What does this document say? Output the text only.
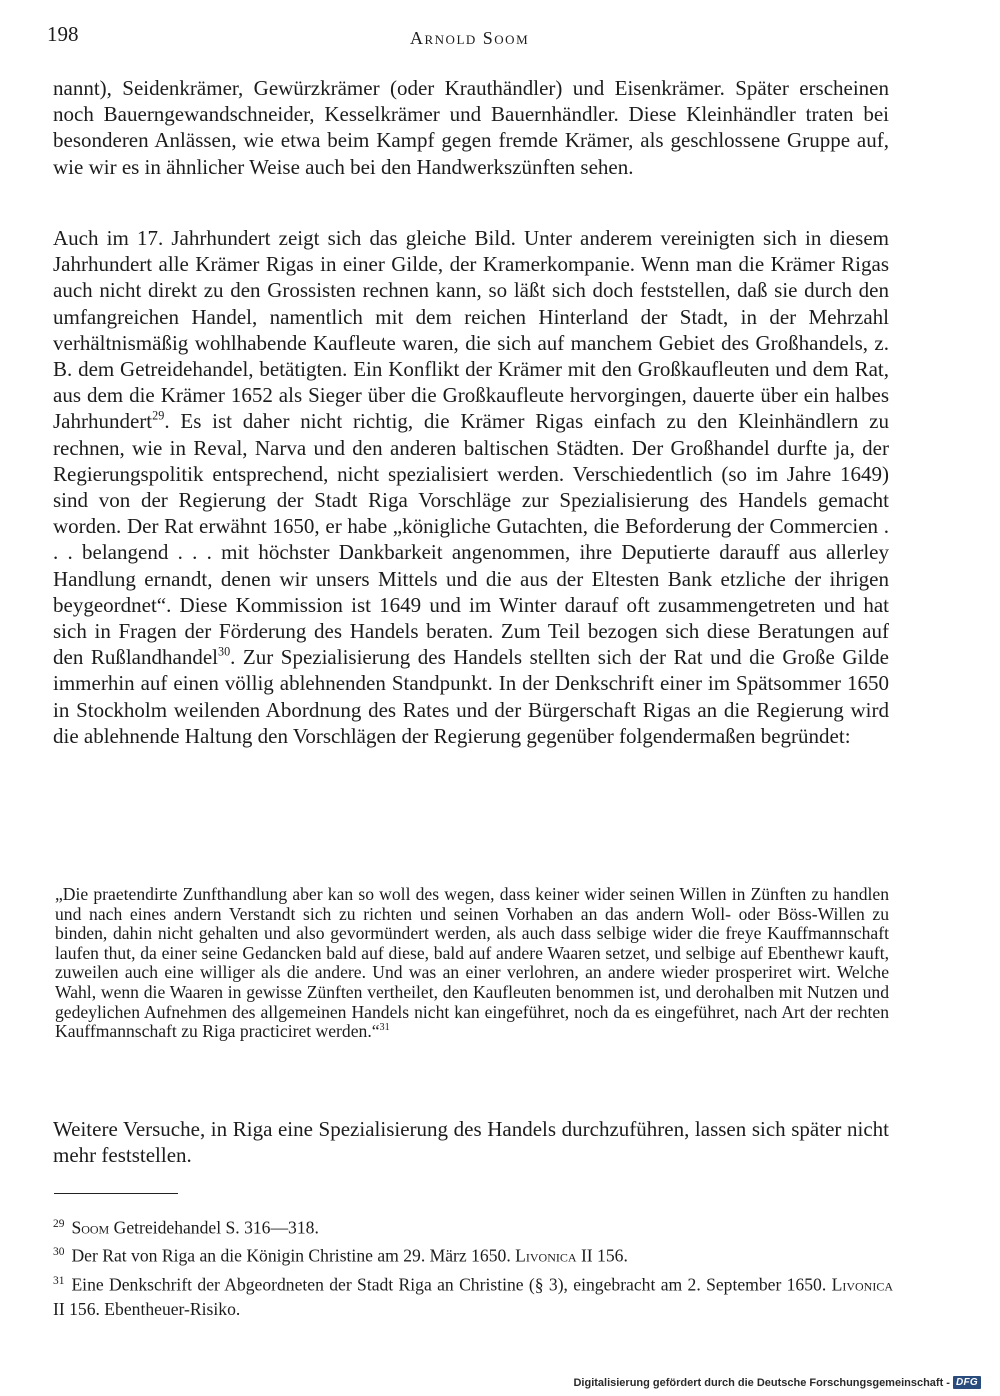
198	Arnold Soom

nannt), Seidenkrämer, Gewürzkrämer (oder Krauthändler) und Eisenkrämer. Später erscheinen noch Bauerngewandschneider, Kesselkrämer und Bauernhändler. Diese Kleinhändler traten bei besonderen Anlässen, wie etwa beim Kampf gegen fremde Krämer, als geschlossene Gruppe auf, wie wir es in ähnlicher Weise auch bei den Handwerkszünften sehen.

Auch im 17. Jahrhundert zeigt sich das gleiche Bild. Unter anderem vereinigten sich in diesem Jahrhundert alle Krämer Rigas in einer Gilde, der Kramerkompanie. Wenn man die Krämer Rigas auch nicht direkt zu den Grossisten rechnen kann, so läßt sich doch feststellen, daß sie durch den umfangreichen Handel, namentlich mit dem reichen Hinterland der Stadt, in der Mehrzahl verhältnismäßig wohlhabende Kaufleute waren, die sich auf manchem Gebiet des Großhandels, z. B. dem Getreidehandel, betätigten. Ein Konflikt der Krämer mit den Großkaufleuten und dem Rat, aus dem die Krämer 1652 als Sieger über die Großkaufleute hervorgingen, dauerte über ein halbes Jahrhundert$^{29}$. Es ist daher nicht richtig, die Krämer Rigas einfach zu den Kleinhändlern zu rechnen, wie in Reval, Narva und den anderen baltischen Städten. Der Großhandel durfte ja, der Regierungspolitik entsprechend, nicht spezialisiert werden. Verschiedentlich (so im Jahre 1649) sind von der Regierung der Stadt Riga Vorschläge zur Spezialisierung des Handels gemacht worden. Der Rat erwähnt 1650, er habe „königliche Gutachten, die Beforderung der Commercien . . . belangend . . . mit höchster Dankbarkeit angenommen, ihre Deputierte darauff aus allerley Handlung ernandt, denen wir unsers Mittels und die aus der Eltesten Bank etzliche der ihrigen beygeordnet“. Diese Kommission ist 1649 und im Winter darauf oft zusammengetreten und hat sich in Fragen der Förderung des Handels beraten. Zum Teil bezogen sich diese Beratungen auf den Rußlandhandel$^{30}$. Zur Spezialisierung des Handels stellten sich der Rat und die Große Gilde immerhin auf einen völlig ablehnenden Standpunkt. In der Denkschrift einer im Spätsommer 1650 in Stockholm weilenden Abordnung des Rates und der Bürgerschaft Rigas an die Regierung wird die ablehnende Haltung den Vorschlägen der Regierung gegenüber folgendermaßen begründet:

„Die praetendirte Zunfthandlung aber kan so woll des wegen, dass keiner wider seinen Willen in Zünften zu handlen und nach eines andern Verstandt sich zu richten und seinen Vorhaben an das andern Woll- oder Böss-Willen zu binden, dahin nicht gehalten und also gevormündert werden, als auch dass selbige wider die freye Kauffmannschaft laufen thut, da einer seine Gedancken bald auf diese, bald auf andere Waaren setzet, und selbige auf Ebenthewr kauft, zuweilen auch eine williger als die andere. Und was an einer verlohren, an andere wieder prosperiret wirt. Welche Wahl, wenn die Waaren in gewisse Zünften vertheilet, den Kaufleuten benommen ist, und derohalben mit Nutzen und gedeylichen Aufnehmen des allgemeinen Handels nicht kan eingeführet, noch da es eingeführet, nach Art der rechten Kauffmannschaft zu Riga practiciret werden.“$^{31}$

Weitere Versuche, in Riga eine Spezialisierung des Handels durchzuführen, lassen sich später nicht mehr feststellen.

$^{29}$ Soom Getreidehandel S. 316—318.
$^{30}$ Der Rat von Riga an die Königin Christine am 29. März 1650. Livonica II 156.
$^{31}$ Eine Denkschrift der Abgeordneten der Stadt Riga an Christine (§ 3), eingebracht am 2. September 1650. Livonica II 156. Ebentheuer-Risiko.
Digitalisierung gefördert durch die Deutsche Forschungsgemeinschaft - DFG
